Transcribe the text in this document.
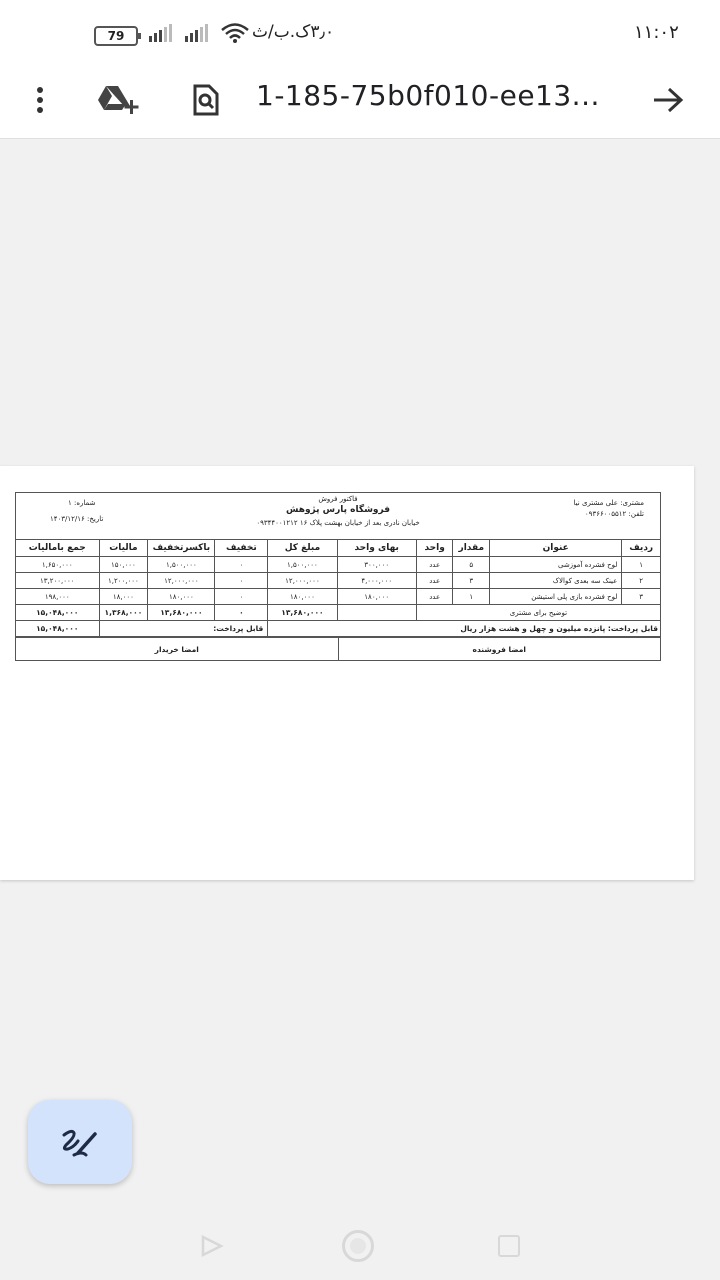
79	۳٫۰ک.ب/ث	۱۱:۰۲
1-185-75b0f010-ee13...
فاکتور فروش
فروشگاه پارس پژوهش
خیابان نادری بعد از خیابان بهشت پلاک ۱۶ ۰۹۳۴۴۰۰۱۲۱۲
مشتری: علی مشتری نیا
تلفن: ۰۹۳۶۶۰۰۵۵۱۲
شماره: ۱
تاریخ: ۱۴۰۳/۱۲/۱۶
ردیف	عنوان	مقدار	واحد	بهای واحد	مبلغ کل	تخفیف	باکسرتخفیف	مالیات	جمع بامالیات
۱	لوح فشرده آموزشی	۵	عدد	۳۰۰,۰۰۰	۱,۵۰۰,۰۰۰	۰	۱,۵۰۰,۰۰۰	۱۵۰,۰۰۰	۱,۶۵۰,۰۰۰
۲	عینک سه بعدی کوالاک	۳	عدد	۴,۰۰۰,۰۰۰	۱۲,۰۰۰,۰۰۰	۰	۱۲,۰۰۰,۰۰۰	۱,۲۰۰,۰۰۰	۱۳,۲۰۰,۰۰۰
۳	لوح فشرده بازی پلی استیشن	۱	عدد	۱۸۰,۰۰۰	۱۸۰,۰۰۰	۰	۱۸۰,۰۰۰	۱۸,۰۰۰	۱۹۸,۰۰۰
توضیح برای مشتری					۱۳,۶۸۰,۰۰۰	۰	۱۳,۶۸۰,۰۰۰	۱,۳۶۸,۰۰۰	۱۵,۰۴۸,۰۰۰
قابل پرداخت: پانزده میلیون و چهل و هشت هزار ریال						قابل پرداخت:			۱۵,۰۴۸,۰۰۰
امضا فروشنده	امضا خریدار
